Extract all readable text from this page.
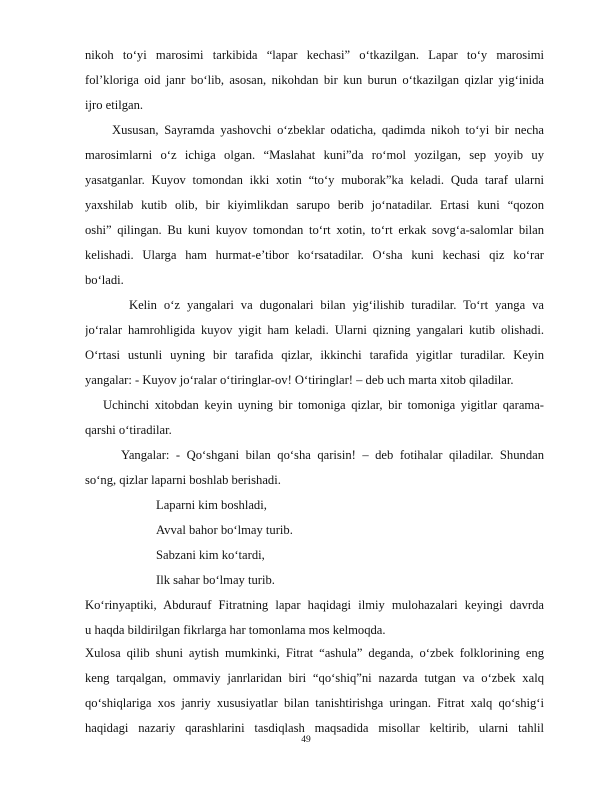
nikoh to‘yi marosimi tarkibida “lapar kechasi” o‘tkazilgan. Lapar to‘y marosimi
fol’kloriga oid janr bo‘lib, asosan, nikohdan bir kun burun o‘tkazilgan qizlar yig‘inida
ijro etilgan.
Xususan, Sayramda yashovchi o‘zbeklar odaticha, qadimda nikoh to‘yi bir necha
marosimlarni o‘z ichiga olgan. “Maslahat kuni”da ro‘mol yozilgan, sep yoyib uy
yasatganlar. Kuyov tomondan ikki xotin “to‘y muborak”ka keladi. Quda taraf ularni
yaxshilab kutib olib, bir kiyimlikdan sarupo berib jo‘natadilar. Ertasi kuni “qozon
oshi” qilingan. Bu kuni kuyov tomondan to‘rt xotin, to‘rt erkak sovg‘a-salomlar bilan
kelishadi. Ularga ham hurmat-e’tibor ko‘rsatadilar. O‘sha kuni kechasi qiz ko‘rar
bo‘ladi.
Kelin o‘z yangalari va dugonalari bilan yig‘ilishib turadilar. To‘rt yanga va
jo‘ralar hamrohligida kuyov yigit ham keladi. Ularni qizning yangalari kutib olishadi.
O‘rtasi ustunli uyning bir tarafida qizlar, ikkinchi tarafida yigitlar turadilar. Keyin
yangalar: - Kuyov jo‘ralar o‘tiringlar-ov! O‘tiringlar! – deb uch marta xitob qiladilar.
Uchinchi xitobdan keyin uyning bir tomoniga qizlar, bir tomoniga yigitlar qarama-
qarshi o‘tiradilar.
Yangalar: - Qo‘shgani bilan qo‘sha qarisin! – deb fotihalar qiladilar. Shundan
so‘ng, qizlar laparni boshlab berishadi.
Laparni kim boshladi,
Avval bahor bo‘lmay turib.
Sabzani kim ko‘tardi,
Ilk sahar bo‘lmay turib.
Ko‘rinyaptiki, Abdurauf Fitratning lapar haqidagi ilmiy mulohazalari keyingi davrda
u haqda bildirilgan fikrlarga har tomonlama mos kelmoqda.
Xulosa qilib shuni aytish mumkinki, Fitrat “ashula” deganda, o‘zbek folklorining eng
keng tarqalgan, ommaviy janrlaridan biri “qo‘shiq”ni nazarda tutgan va o‘zbek xalq
qo‘shiqlariga xos janriy xususiyatlar bilan tanishtirishga uringan. Fitrat xalq qo‘shig‘i
haqidagi nazariy qarashlarini tasdiqlash maqsadida misollar keltirib, ularni tahlil
49
